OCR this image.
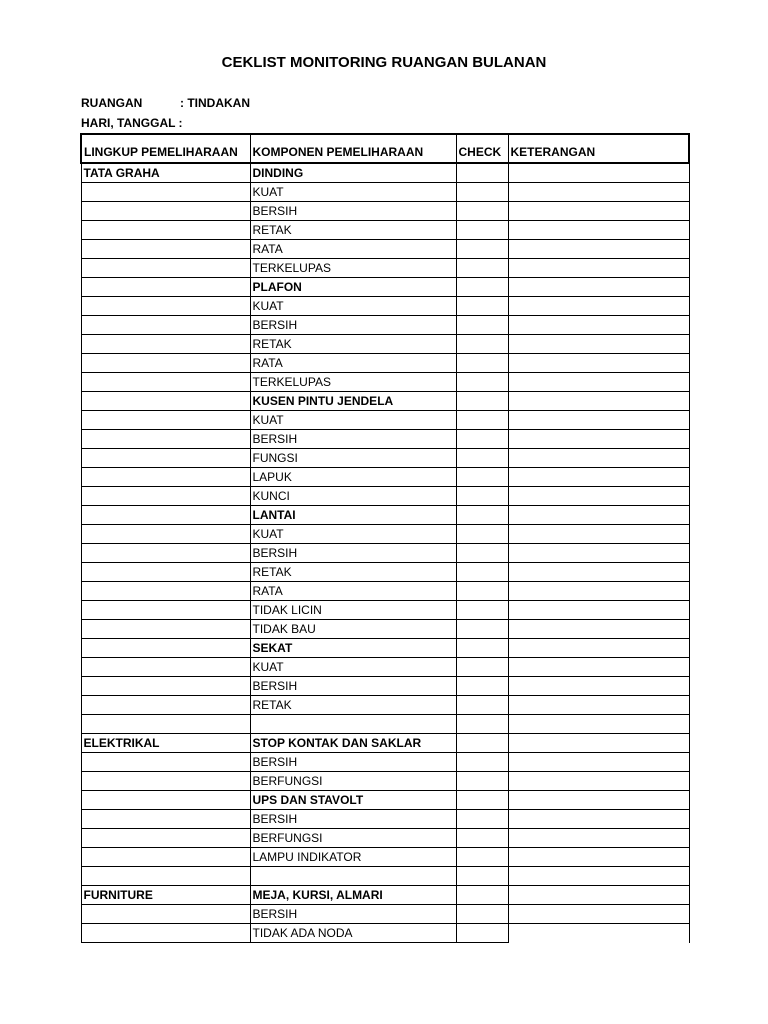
CEKLIST MONITORING RUANGAN BULANAN
RUANGAN	: TINDAKAN
HARI, TANGGAL :
LINGKUP PEMELIHARAAN	KOMPONEN PEMELIHARAAN	CHECK	KETERANGAN
TATA GRAHA	DINDING		
	KUAT		
	BERSIH		
	RETAK		
	RATA		
	TERKELUPAS		
	PLAFON		
	KUAT		
	BERSIH		
	RETAK		
	RATA		
	TERKELUPAS		
	KUSEN PINTU JENDELA		
	KUAT		
	BERSIH		
	FUNGSI		
	LAPUK		
	KUNCI		
	LANTAI		
	KUAT		
	BERSIH		
	RETAK		
	RATA		
	TIDAK LICIN		
	TIDAK BAU		
	SEKAT		
	KUAT		
	BERSIH		
	RETAK		

ELEKTRIKAL	STOP KONTAK DAN SAKLAR		
	BERSIH		
	BERFUNGSI		
	UPS DAN STAVOLT		
	BERSIH		
	BERFUNGSI		
	LAMPU INDIKATOR		

FURNITURE	MEJA, KURSI, ALMARI		
	BERSIH		
	TIDAK ADA NODA		
